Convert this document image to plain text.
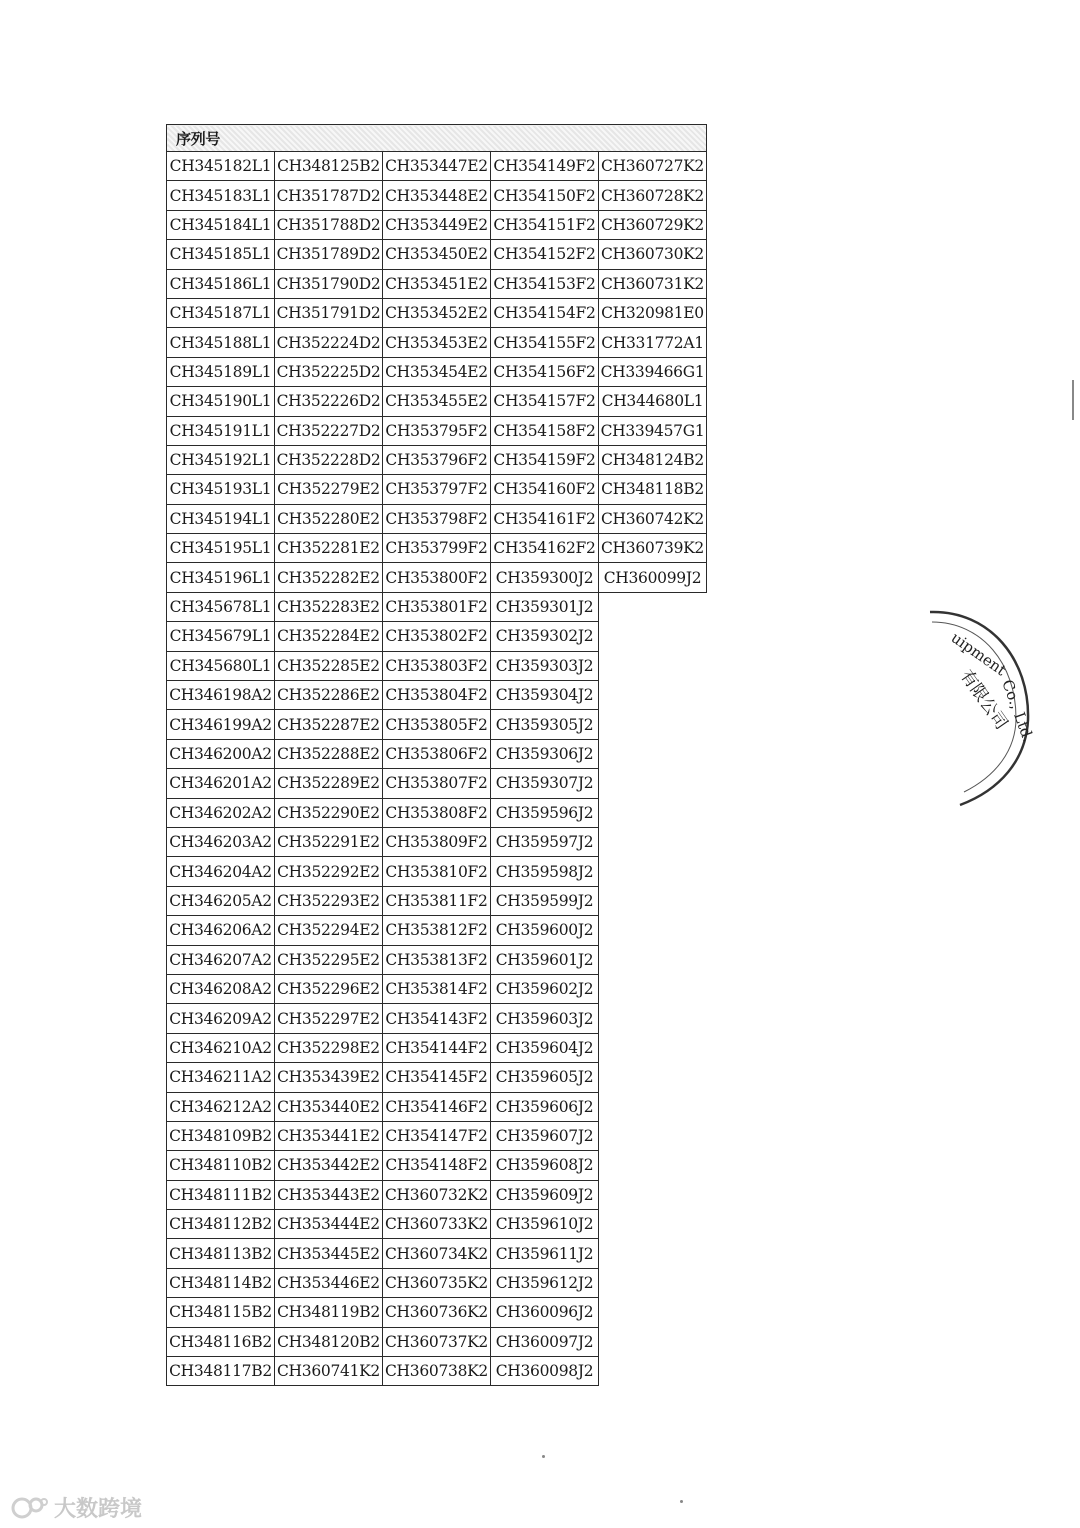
序列号				
CH345182L1	CH348125B2	CH353447E2	CH354149F2	CH360727K2
CH345183L1	CH351787D2	CH353448E2	CH354150F2	CH360728K2
CH345184L1	CH351788D2	CH353449E2	CH354151F2	CH360729K2
CH345185L1	CH351789D2	CH353450E2	CH354152F2	CH360730K2
CH345186L1	CH351790D2	CH353451E2	CH354153F2	CH360731K2
CH345187L1	CH351791D2	CH353452E2	CH354154F2	CH320981E0
CH345188L1	CH352224D2	CH353453E2	CH354155F2	CH331772A1
CH345189L1	CH352225D2	CH353454E2	CH354156F2	CH339466G1
CH345190L1	CH352226D2	CH353455E2	CH354157F2	CH344680L1
CH345191L1	CH352227D2	CH353795F2	CH354158F2	CH339457G1
CH345192L1	CH352228D2	CH353796F2	CH354159F2	CH348124B2
CH345193L1	CH352279E2	CH353797F2	CH354160F2	CH348118B2
CH345194L1	CH352280E2	CH353798F2	CH354161F2	CH360742K2
CH345195L1	CH352281E2	CH353799F2	CH354162F2	CH360739K2
CH345196L1	CH352282E2	CH353800F2	CH359300J2	CH360099J2
CH345678L1	CH352283E2	CH353801F2	CH359301J2	
CH345679L1	CH352284E2	CH353802F2	CH359302J2	
CH345680L1	CH352285E2	CH353803F2	CH359303J2	
CH346198A2	CH352286E2	CH353804F2	CH359304J2	
CH346199A2	CH352287E2	CH353805F2	CH359305J2	
CH346200A2	CH352288E2	CH353806F2	CH359306J2	
CH346201A2	CH352289E2	CH353807F2	CH359307J2	
CH346202A2	CH352290E2	CH353808F2	CH359596J2	
CH346203A2	CH352291E2	CH353809F2	CH359597J2	
CH346204A2	CH352292E2	CH353810F2	CH359598J2	
CH346205A2	CH352293E2	CH353811F2	CH359599J2	
CH346206A2	CH352294E2	CH353812F2	CH359600J2	
CH346207A2	CH352295E2	CH353813F2	CH359601J2	
CH346208A2	CH352296E2	CH353814F2	CH359602J2	
CH346209A2	CH352297E2	CH354143F2	CH359603J2	
CH346210A2	CH352298E2	CH354144F2	CH359604J2	
CH346211A2	CH353439E2	CH354145F2	CH359605J2	
CH346212A2	CH353440E2	CH354146F2	CH359606J2	
CH348109B2	CH353441E2	CH354147F2	CH359607J2	
CH348110B2	CH353442E2	CH354148F2	CH359608J2	
CH348111B2	CH353443E2	CH360732K2	CH359609J2	
CH348112B2	CH353444E2	CH360733K2	CH359610J2	
CH348113B2	CH353445E2	CH360734K2	CH359611J2	
CH348114B2	CH353446E2	CH360735K2	CH359612J2	
CH348115B2	CH348119B2	CH360736K2	CH360096J2	
CH348116B2	CH348120B2	CH360737K2	CH360097J2	
CH348117B2	CH360741K2	CH360738K2	CH360098J2	
uipment
Co., Ltd.
有限公司
大数跨境
